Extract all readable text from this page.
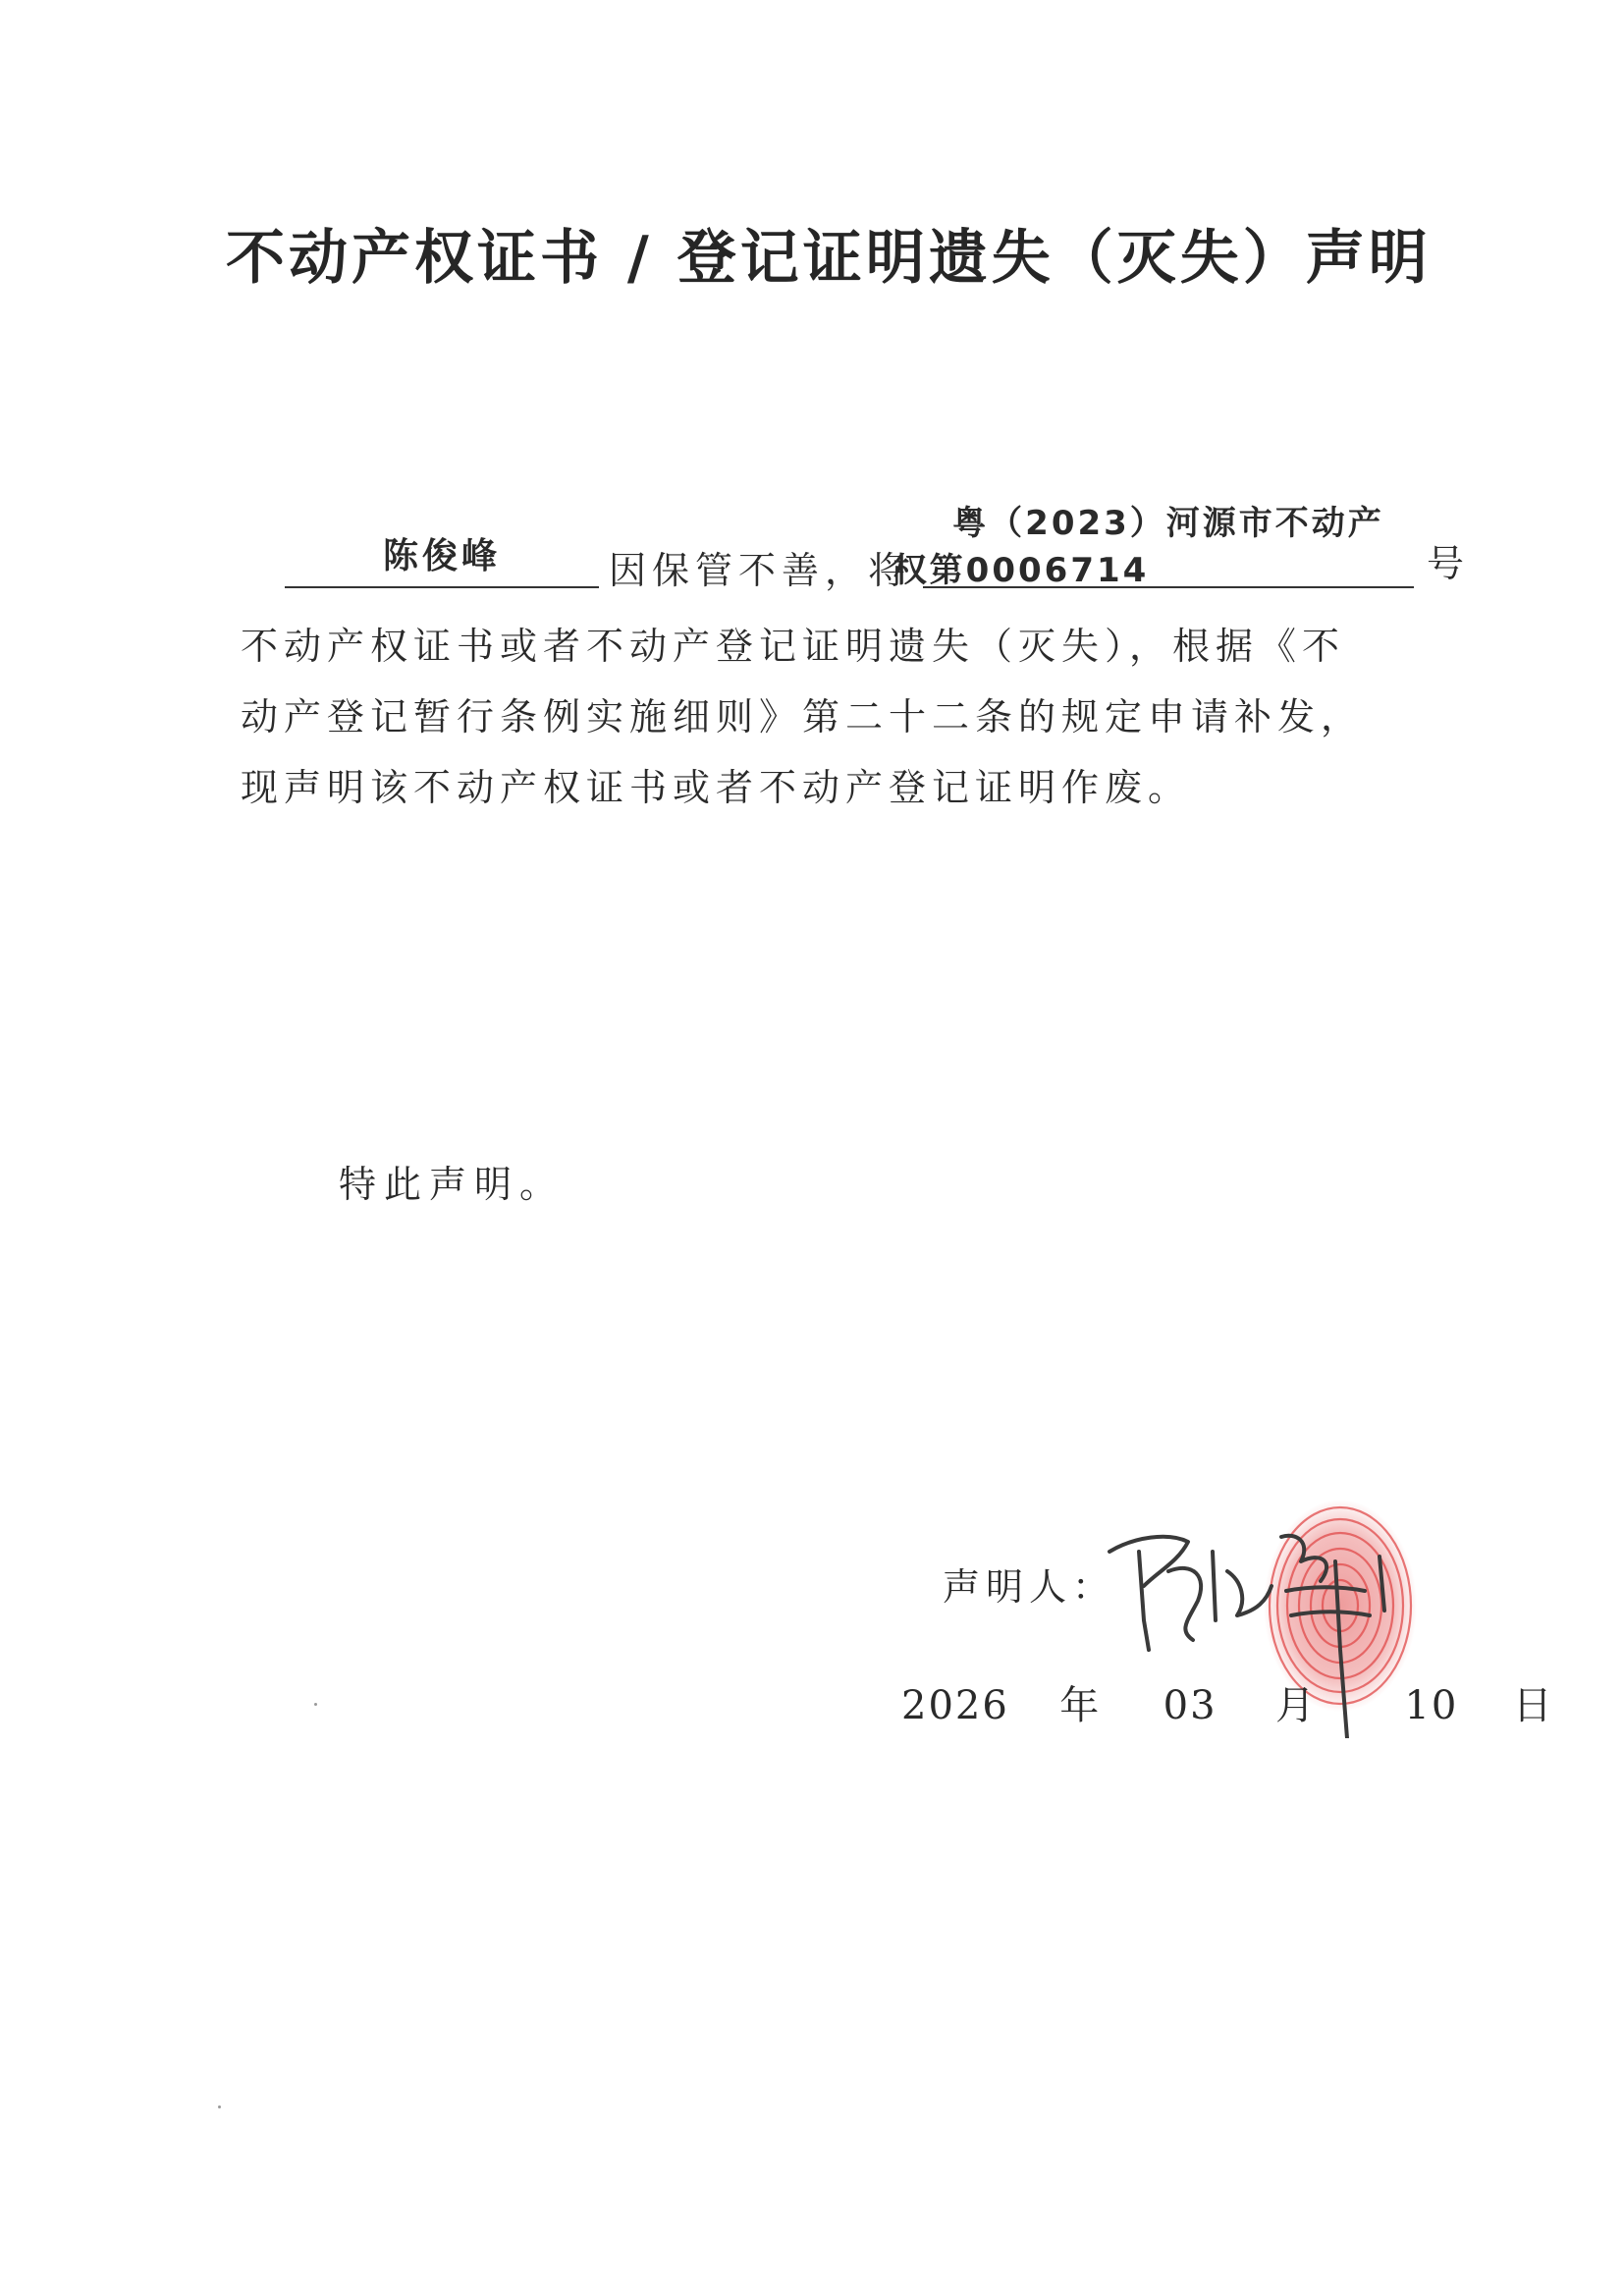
不动产权证书 / 登记证明遗失（灭失）声明
陈俊峰	因保管不善，将
粤（2023）河源市不动产
权第0006714	号
不动产权证书或者不动产登记证明遗失（灭失），根据《不
动产登记暂行条例实施细则》第二十二条的规定申请补发，
现声明该不动产权证书或者不动产登记证明作废。
特此声明。
声明人：
2026 年 03 月 10 日
